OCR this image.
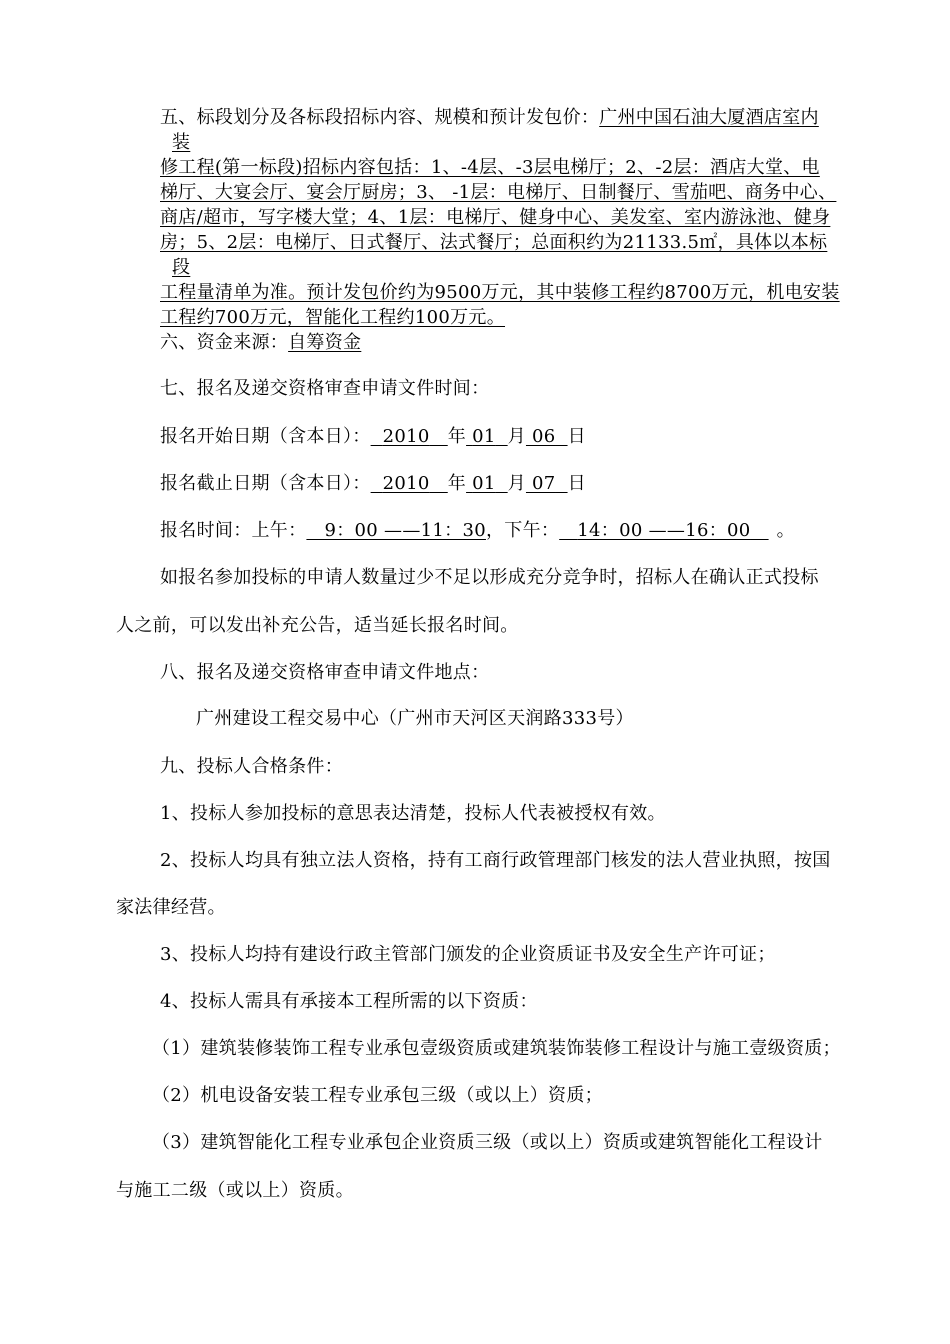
五、标段划分及各标段招标内容、规模和预计发包价：广州中国石油大厦酒店室内
装
修工程(第一标段)招标内容包括：1、-4层、-3层电梯厅；2、-2层：酒店大堂、电
梯厅、大宴会厅、宴会厅厨房；3、 -1层：电梯厅、日制餐厅、雪茄吧、商务中心、
商店/超市，写字楼大堂；4、1层：电梯厅、健身中心、美发室、室内游泳池、健身
房；5、2层：电梯厅、日式餐厅、法式餐厅；总面积约为21133.5㎡，具体以本标
段
工程量清单为准。预计发包价约为9500万元，其中装修工程约8700万元，机电安装
工程约700万元，智能化工程约100万元。
六、资金来源：自筹资金
七、报名及递交资格审查申请文件时间：
报名开始日期（含本日）： 2010 年 01 月 06 日
报名截止日期（含本日）： 2010 年 01 月 07 日
报名时间：上午： 9：00 ——11：30，下午： 14：00 ——16：00 。
如报名参加投标的申请人数量过少不足以形成充分竞争时，招标人在确认正式投标
人之前，可以发出补充公告，适当延长报名时间。
八、报名及递交资格审查申请文件地点：
广州建设工程交易中心（广州市天河区天润路333号）
九、投标人合格条件：
1、投标人参加投标的意思表达清楚，投标人代表被授权有效。
2、投标人均具有独立法人资格，持有工商行政管理部门核发的法人营业执照，按国
家法律经营。
3、投标人均持有建设行政主管部门颁发的企业资质证书及安全生产许可证；
4、投标人需具有承接本工程所需的以下资质：
（1）建筑装修装饰工程专业承包壹级资质或建筑装饰装修工程设计与施工壹级资质；
（2）机电设备安装工程专业承包三级（或以上）资质；
（3）建筑智能化工程专业承包企业资质三级（或以上）资质或建筑智能化工程设计
与施工二级（或以上）资质。
